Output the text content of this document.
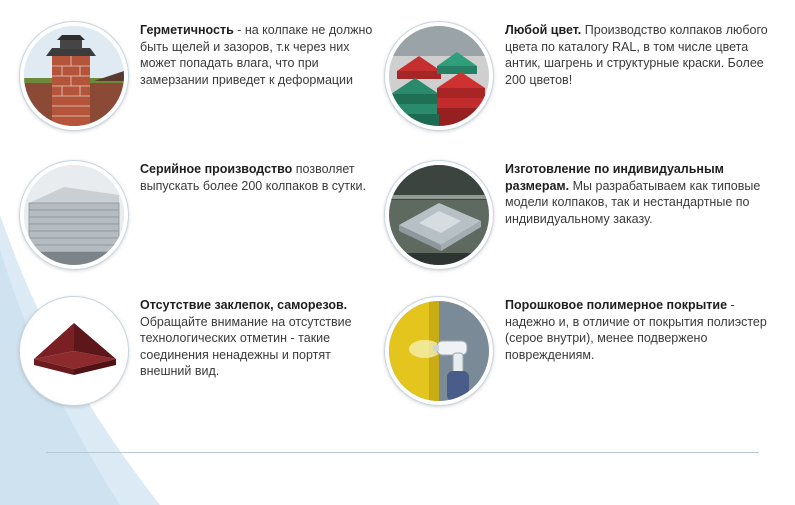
Герметичность - на колпаке не должно быть щелей и зазоров, т.к через них может попадать влага, что при замерзании приведет к деформации
Любой цвет. Производство колпаков любого цвета по каталогу RAL, в том числе цвета антик, шагрень и структурные краски. Более 200 цветов!
Серийное производство позволяет выпускать более 200 колпаков в сутки.
Изготовление по индивидуальным размерам. Мы разрабатываем как типовые модели колпаков, так и нестандартные по индивидуальному заказу.
Отсутствие заклепок, саморезов. Обращайте внимание на отсутствие технологических отметин - такие соединения ненадежны и портят внешний вид.
Порошковое полимерное покрытие - надежно и, в отличие от покрытия полиэстер (серое внутри), менее подвержено повреждениям.
